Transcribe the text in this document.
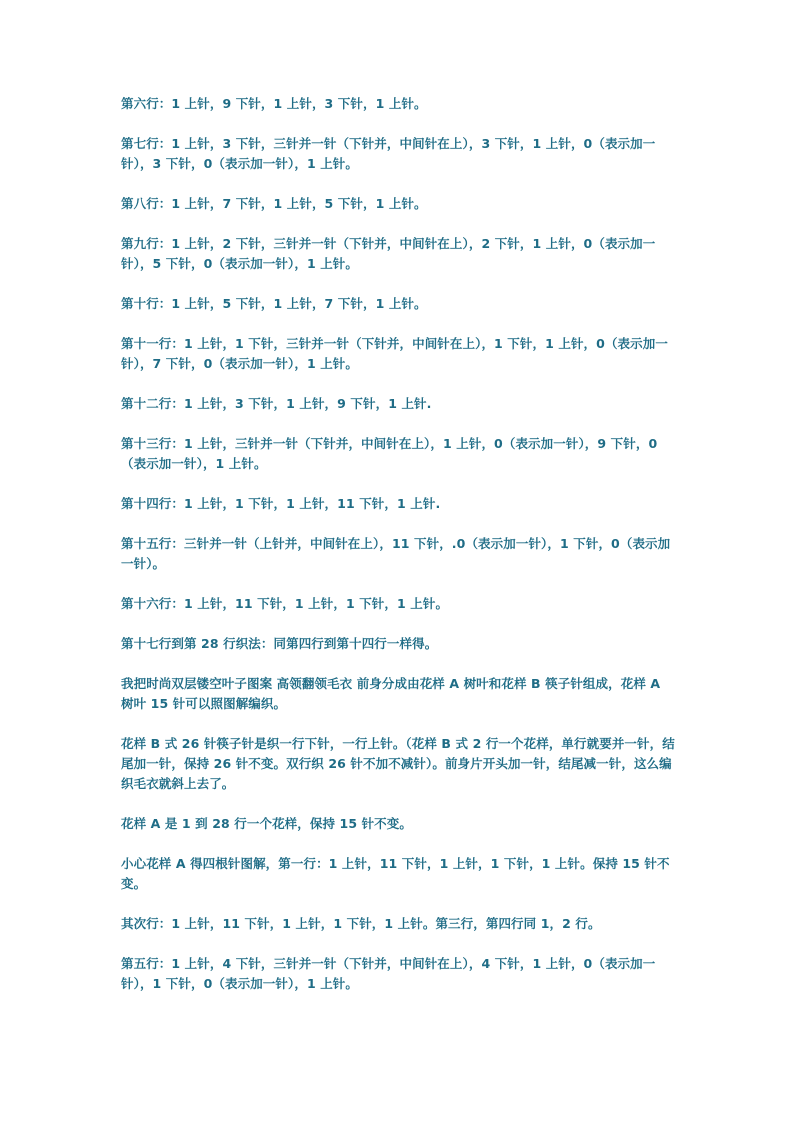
第六行：1 上针，9 下针，1 上针，3 下针，1 上针。

第七行：1 上针，3 下针，三针并一针（下针并，中间针在上），3 下针，1 上针，0（表示加一针），3 下针，0（表示加一针），1 上针。

第八行：1 上针，7 下针，1 上针，5 下针，1 上针。

第九行：1 上针，2 下针，三针并一针（下针并，中间针在上），2 下针，1 上针，0（表示加一针），5 下针，0（表示加一针），1 上针。

第十行：1 上针，5 下针，1 上针，7 下针，1 上针。

第十一行：1 上针，1 下针，三针并一针（下针并，中间针在上），1 下针，1 上针，0（表示加一针），7 下针，0（表示加一针），1 上针。

第十二行：1 上针，3 下针，1 上针，9 下针，1 上针.

第十三行：1 上针，三针并一针（下针并，中间针在上），1 上针，0（表示加一针），9 下针，0（表示加一针），1 上针。

第十四行：1 上针，1 下针，1 上针，11 下针，1 上针.

第十五行：三针并一针（上针并，中间针在上），11 下针，.0（表示加一针），1 下针，0（表示加一针）。

第十六行：1 上针，11 下针，1 上针，1 下针，1 上针。

第十七行到第 28 行织法：同第四行到第十四行一样得。

我把时尚双层镂空叶子图案 高领翻领毛衣 前身分成由花样 A 树叶和花样 B 筷子针组成，花样 A 树叶 15 针可以照图解编织。

花样 B 式 26 针筷子针是织一行下针，一行上针。（花样 B 式 2 行一个花样，单行就要并一针，结尾加一针，保持 26 针不变。双行织 26 针不加不减针）。前身片开头加一针，结尾减一针，这么编织毛衣就斜上去了。

花样 A 是 1 到 28 行一个花样，保持 15 针不变。

小心花样 A 得四根针图解，第一行：1 上针，11 下针，1 上针，1 下针，1 上针。保持 15 针不变。

其次行：1 上针，11 下针，1 上针，1 下针，1 上针。第三行，第四行同 1，2 行。

第五行：1 上针，4 下针，三针并一针（下针并，中间针在上），4 下针，1 上针，0（表示加一针），1 下针，0（表示加一针），1 上针。
